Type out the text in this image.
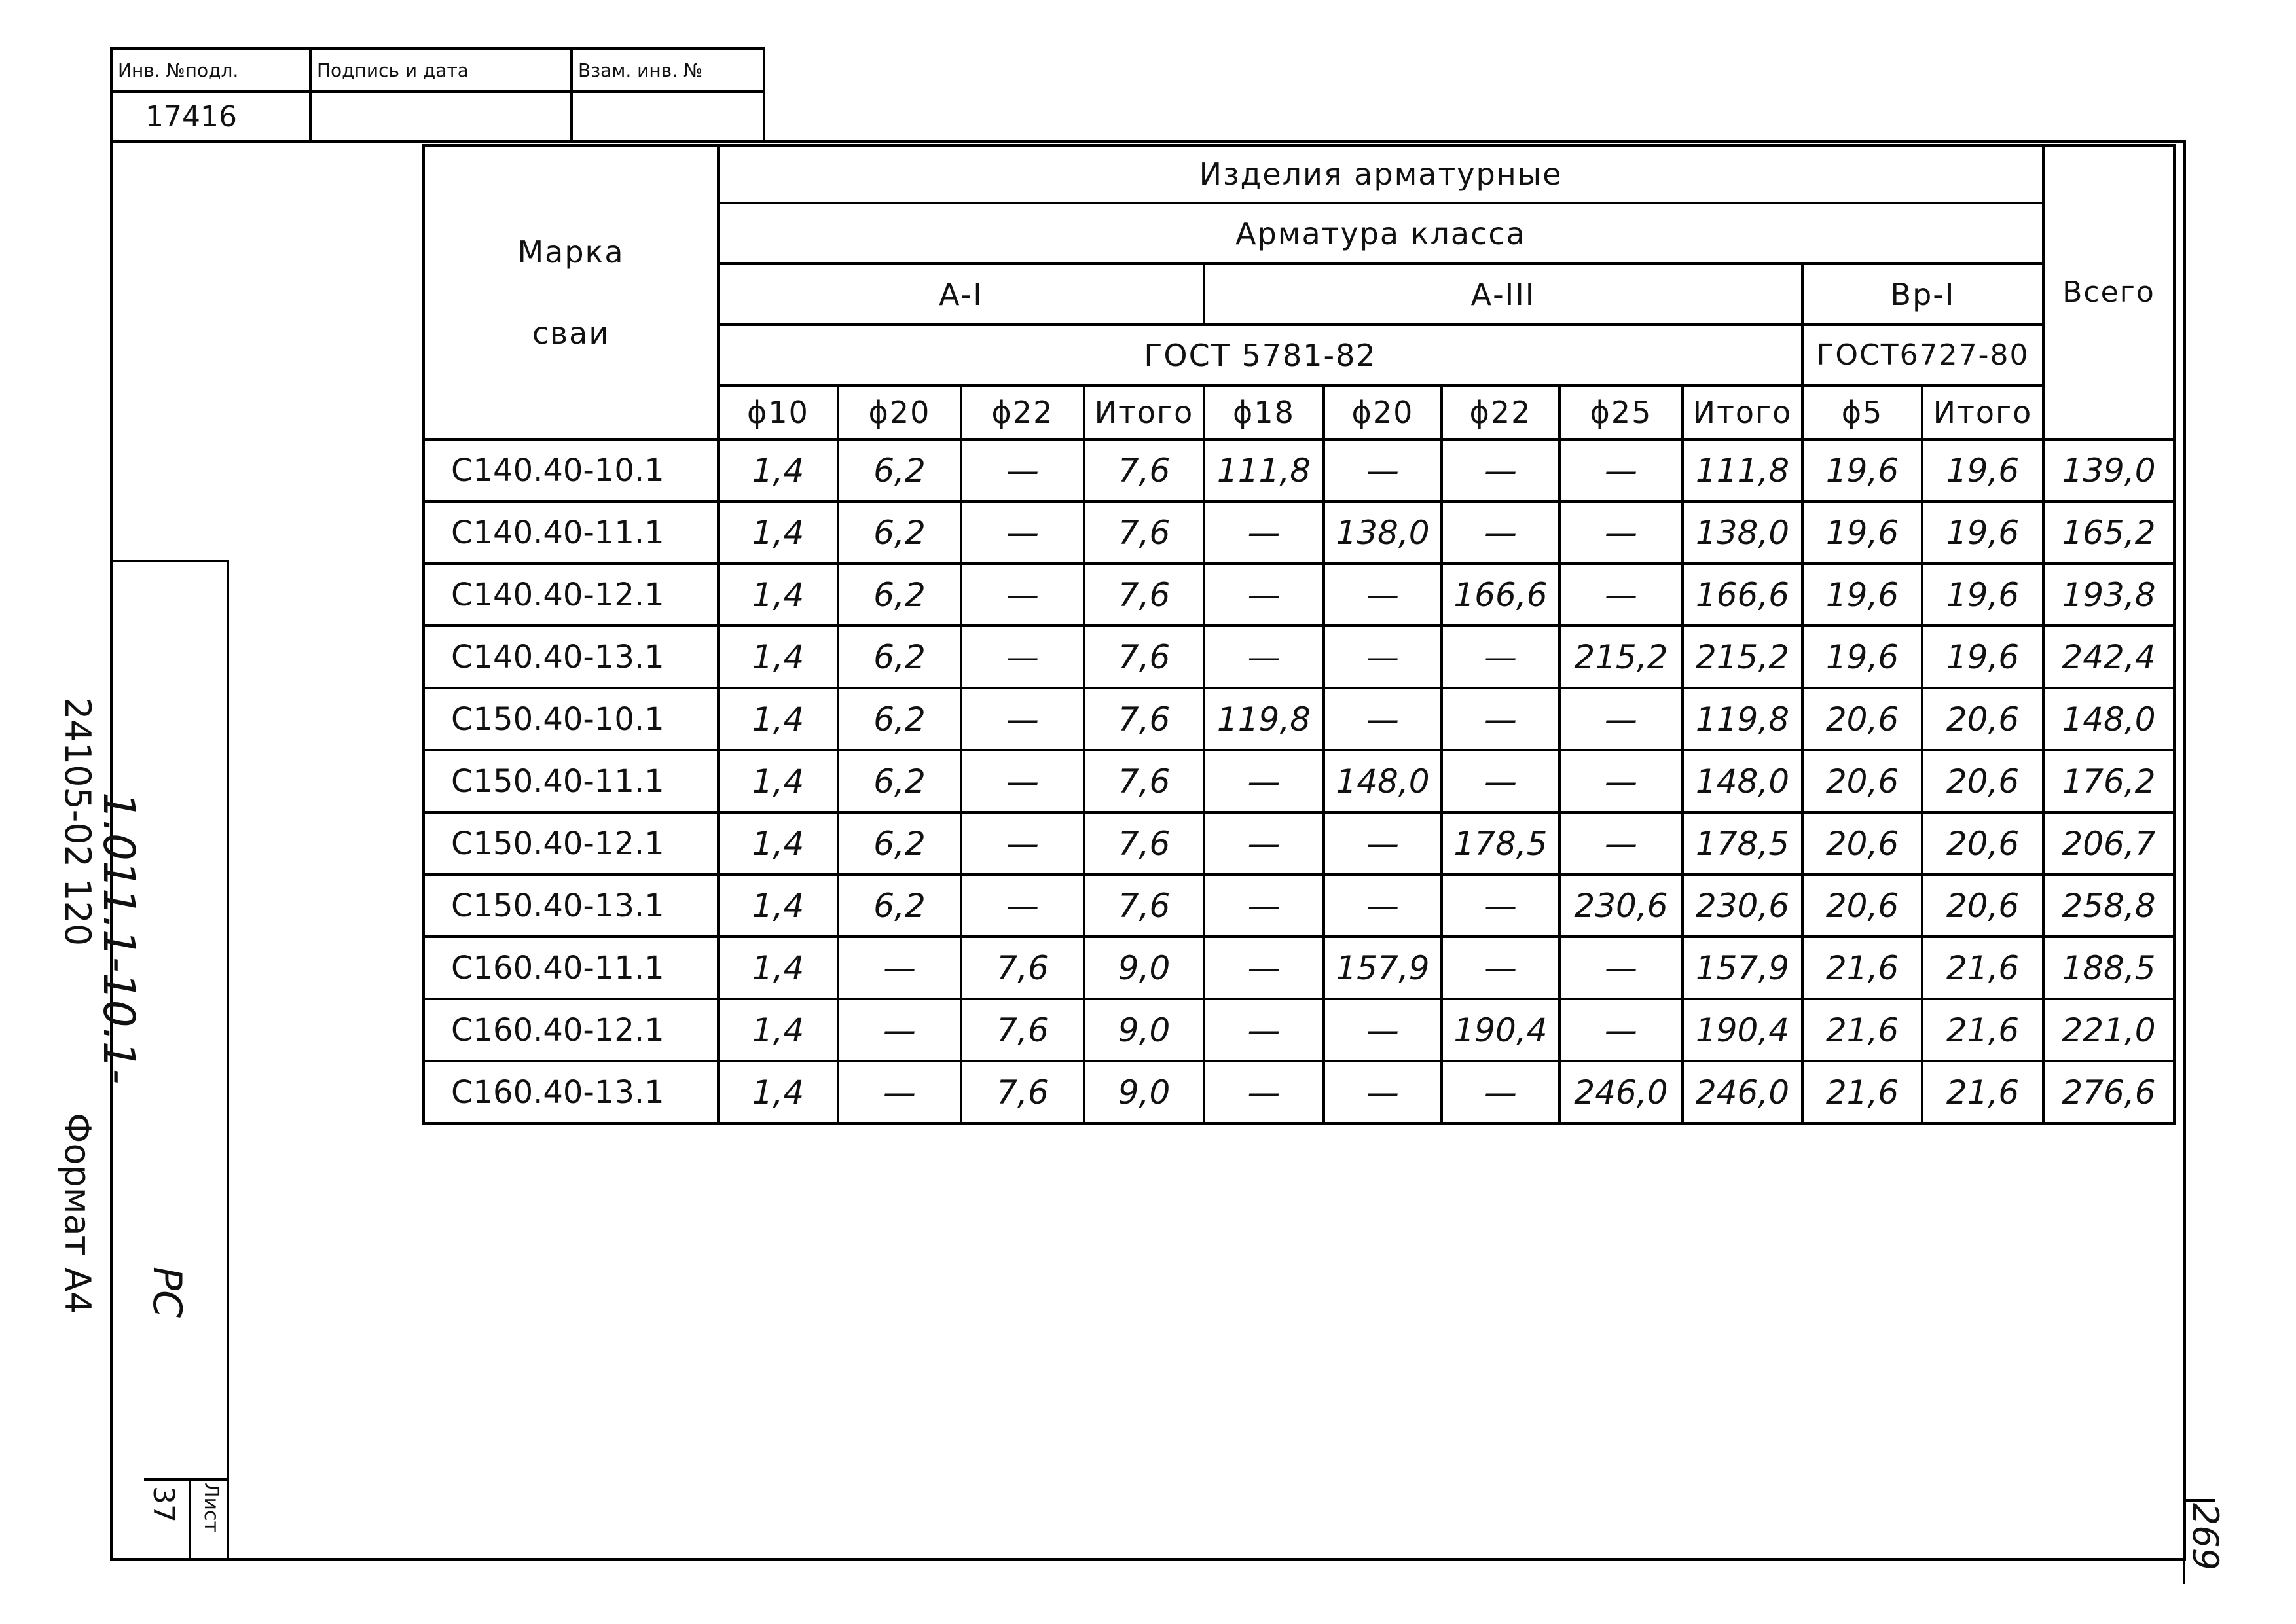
Инв. №подл.	Подпись и дата	Взам. инв. №

17416		

Марка
сваи	Изделия арматурные											Всего
	Арматура класса											
	А-I				А-III					Вр-I		
	ГОСТ 5781-82									ГОСТ6727-80		
	ϕ10	ϕ20	ϕ22	Итого	ϕ18	ϕ20	ϕ22	ϕ25	Итого	ϕ5	Итого	
С140.40-10.1	1,4	6,2	—	7,6	111,8	—	—	—	111,8	19,6	19,6	139,0
С140.40-11.1	1,4	6,2	—	7,6	—	138,0	—	—	138,0	19,6	19,6	165,2
С140.40-12.1	1,4	6,2	—	7,6	—	—	166,6	—	166,6	19,6	19,6	193,8
С140.40-13.1	1,4	6,2	—	7,6	—	—	—	215,2	215,2	19,6	19,6	242,4
С150.40-10.1	1,4	6,2	—	7,6	119,8	—	—	—	119,8	20,6	20,6	148,0
С150.40-11.1	1,4	6,2	—	7,6	—	148,0	—	—	148,0	20,6	20,6	176,2
С150.40-12.1	1,4	6,2	—	7,6	—	—	178,5	—	178,5	20,6	20,6	206,7
С150.40-13.1	1,4	6,2	—	7,6	—	—	—	230,6	230,6	20,6	20,6	258,8
С160.40-11.1	1,4	—	7,6	9,0	—	157,9	—	—	157,9	21,6	21,6	188,5
С160.40-12.1	1,4	—	7,6	9,0	—	—	190,4	—	190,4	21,6	21,6	221,0
С160.40-13.1	1,4	—	7,6	9,0	—	—	—	246,0	246,0	21,6	21,6	276,6
1.011.1-10.1-
РС
24105-02 120
Формат А4
Лист
37	269
